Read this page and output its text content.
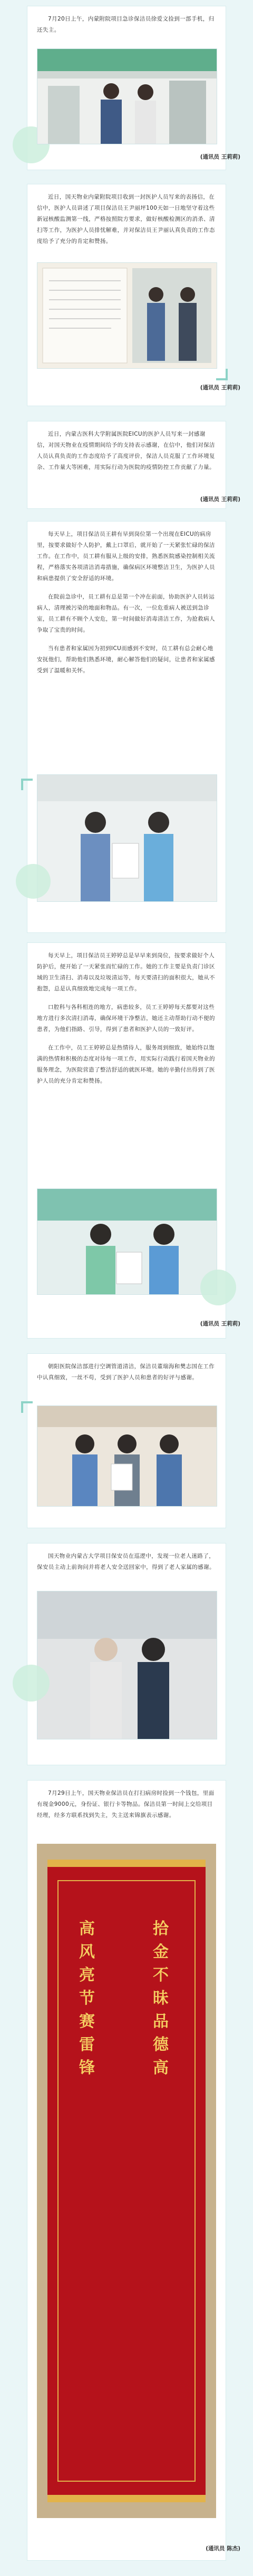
7月20日上午，内蒙附院项目急诊保洁员徐爱文捡到一部手机，归还失主。

(通讯员 王莉莉)

近日，国天物业内蒙附院项目收到一封医护人员写来的表扬信，在信中，医护人员讲述了项目保洁员王尹丽坪100天如一日地坚守着这些新冠核酸监测第一线，严格按照院方要求，做好核酸检测区的消杀、清扫等工作，为医护人员排忧解难，并对保洁员王尹丽认真负责的工作态度给予了充分的肯定和赞扬。

(通讯员 王莉莉)

近日，内蒙古医科大学附属医院EICU的医护人员写来一封感谢信，对国天物业在疫情期间给予的支持表示感谢，在信中，他们对保洁人员认真负责的工作态度给予了高度评价，保洁人员克服了工作环境复杂、工作量大等困难，用实际行动为医院的疫情防控工作贡献了力量。

(通讯员 王莉莉)

每天早上，项目保洁员王耕有早到岗位第一个出现在EICU的病房里，按要求做好个人防护，戴上口罩后，就开始了一天紧张忙碌的保洁工作。在工作中，员工耕有服从上级的安排，熟悉医院感染控制相关流程，严格落实各项清洁消毒措施，确保病区环境整洁卫生，为医护人员和病患提供了安全舒适的环境。

在院前急诊中，员工耕有总是第一个冲在前面，协助医护人员转运病人，清理被污染的地面和物品。有一次，一位危重病人被送到急诊室，员工耕有不顾个人安危，第一时间做好消毒清洁工作，为抢救病人争取了宝贵的时间。

当有患者和家属因为初到ICU而感到不安时，员工耕有总会耐心地安抚他们，帮助他们熟悉环境，耐心解答他们的疑问，让患者和家属感受到了温暖和关怀。

每天早上，项目保洁员王婷婷总是早早来到岗位，按要求做好个人防护后，便开始了一天紧张而忙碌的工作。她的工作主要是负责门诊区域的卫生清扫、消毒以及垃圾清运等，每天要清扫的面积很大，她从不抱怨，总是认真细致地完成每一项工作。

口腔科与各科相连的地方，病患较多，员工王婷婷每天都要对这些地方进行多次清扫消毒，确保环境干净整洁，她还主动帮助行动不便的患者，为他们指路、引导，得到了患者和医护人员的一致好评。

在工作中，员工王婷婷总是热情待人，服务周到细致，她始终以饱满的热情和积极的态度对待每一项工作，用实际行动践行着国天物业的服务理念，为医院营造了整洁舒适的就医环境。她的辛勤付出得到了医护人员的充分肯定和赞扬。

(通讯员 王莉莉)

朝阳医院保洁部进行空调管道清洁，保洁员董瑞海和樊志国在工作中认真细致，一丝不苟，受到了医护人员和患者的好评与感谢。

国天物业内蒙古大学项目保安员在巡逻中，发现一位老人迷路了，保安员主动上前询问并将老人安全送回家中，得到了老人家属的感谢。

7月29日上午，国天物业保洁员在打扫病房时捡到一个钱包，里面有现金9000元，身份证、银行卡等物品。保洁员第一时间上交给项目经理，经多方联系找到失主，失主送来锦旗表示感谢。

高风亮节赛雷锋
拾金不昧品德高
(通讯员 陈杰)
